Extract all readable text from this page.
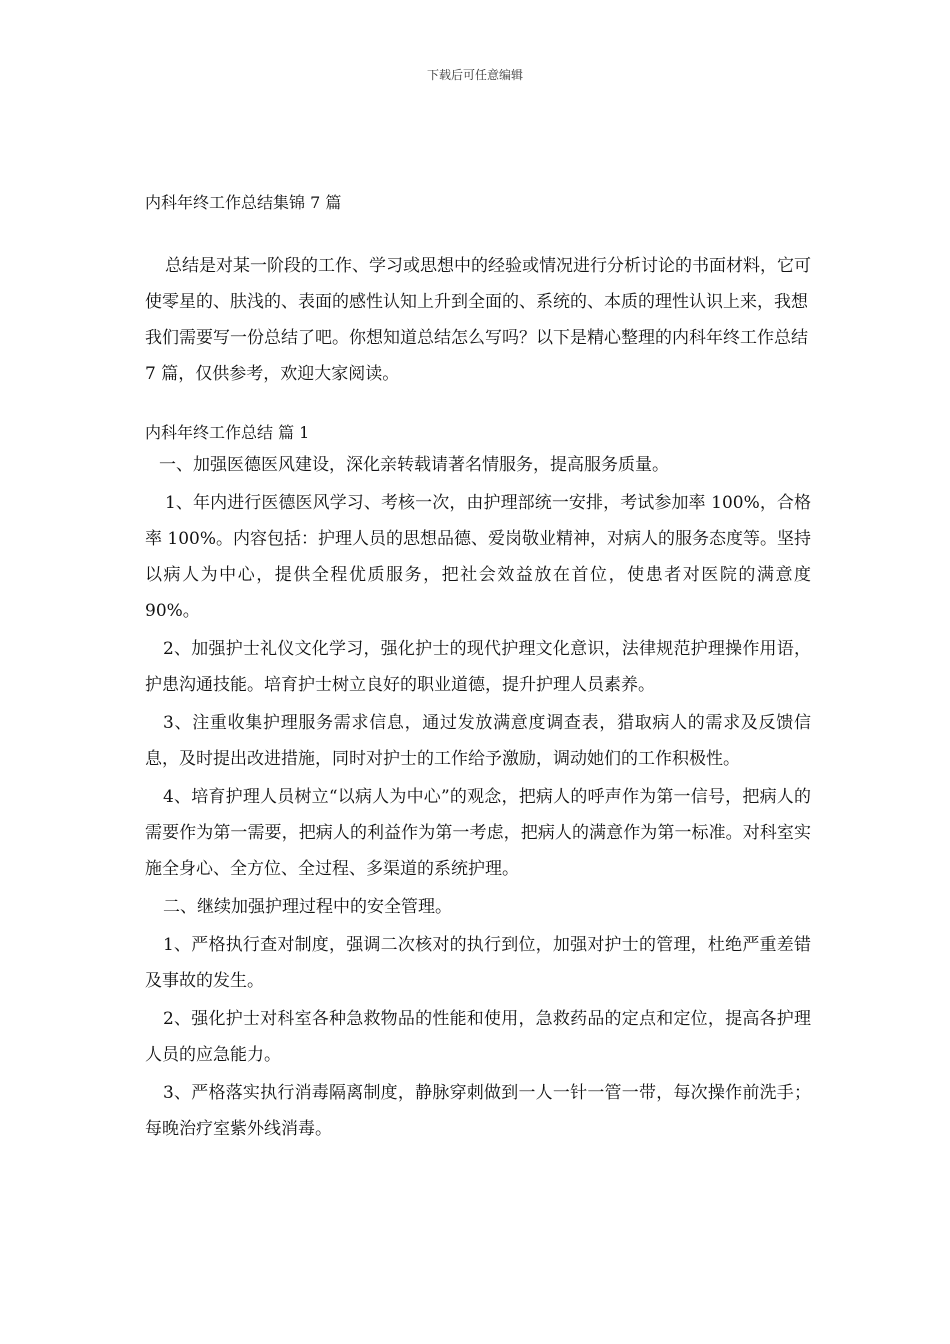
下载后可任意编辑
内科年终工作总结集锦 7 篇

总结是对某一阶段的工作、学习或思想中的经验或情况进行分析讨论的书面材料，它可使零星的、肤浅的、表面的感性认知上升到全面的、系统的、本质的理性认识上来，我想我们需要写一份总结了吧。你想知道总结怎么写吗？以下是精心整理的内科年终工作总结 7 篇，仅供参考，欢迎大家阅读。

内科年终工作总结 篇 1

一、加强医德医风建设，深化亲转载请著名情服务，提高服务质量。

1、年内进行医德医风学习、考核一次，由护理部统一安排，考试参加率 100%，合格率 100%。内容包括：护理人员的思想品德、爱岗敬业精神，对病人的服务态度等。坚持以病人为中心，提供全程优质服务，把社会效益放在首位，使患者对医院的满意度 90%。

2、加强护士礼仪文化学习，强化护士的现代护理文化意识，法律规范护理操作用语，护患沟通技能。培育护士树立良好的职业道德，提升护理人员素养。

3、注重收集护理服务需求信息，通过发放满意度调查表，猎取病人的需求及反馈信息，及时提出改进措施，同时对护士的工作给予激励，调动她们的工作积极性。

4、培育护理人员树立“以病人为中心”的观念，把病人的呼声作为第一信号，把病人的需要作为第一需要，把病人的利益作为第一考虑，把病人的满意作为第一标准。对科室实施全身心、全方位、全过程、多渠道的系统护理。

二、继续加强护理过程中的安全管理。

1、严格执行查对制度，强调二次核对的执行到位，加强对护士的管理，杜绝严重差错及事故的发生。

2、强化护士对科室各种急救物品的性能和使用，急救药品的定点和定位，提高各护理人员的应急能力。

3、严格落实执行消毒隔离制度，静脉穿刺做到一人一针一管一带，每次操作前洗手；每晚治疗室紫外线消毒。
